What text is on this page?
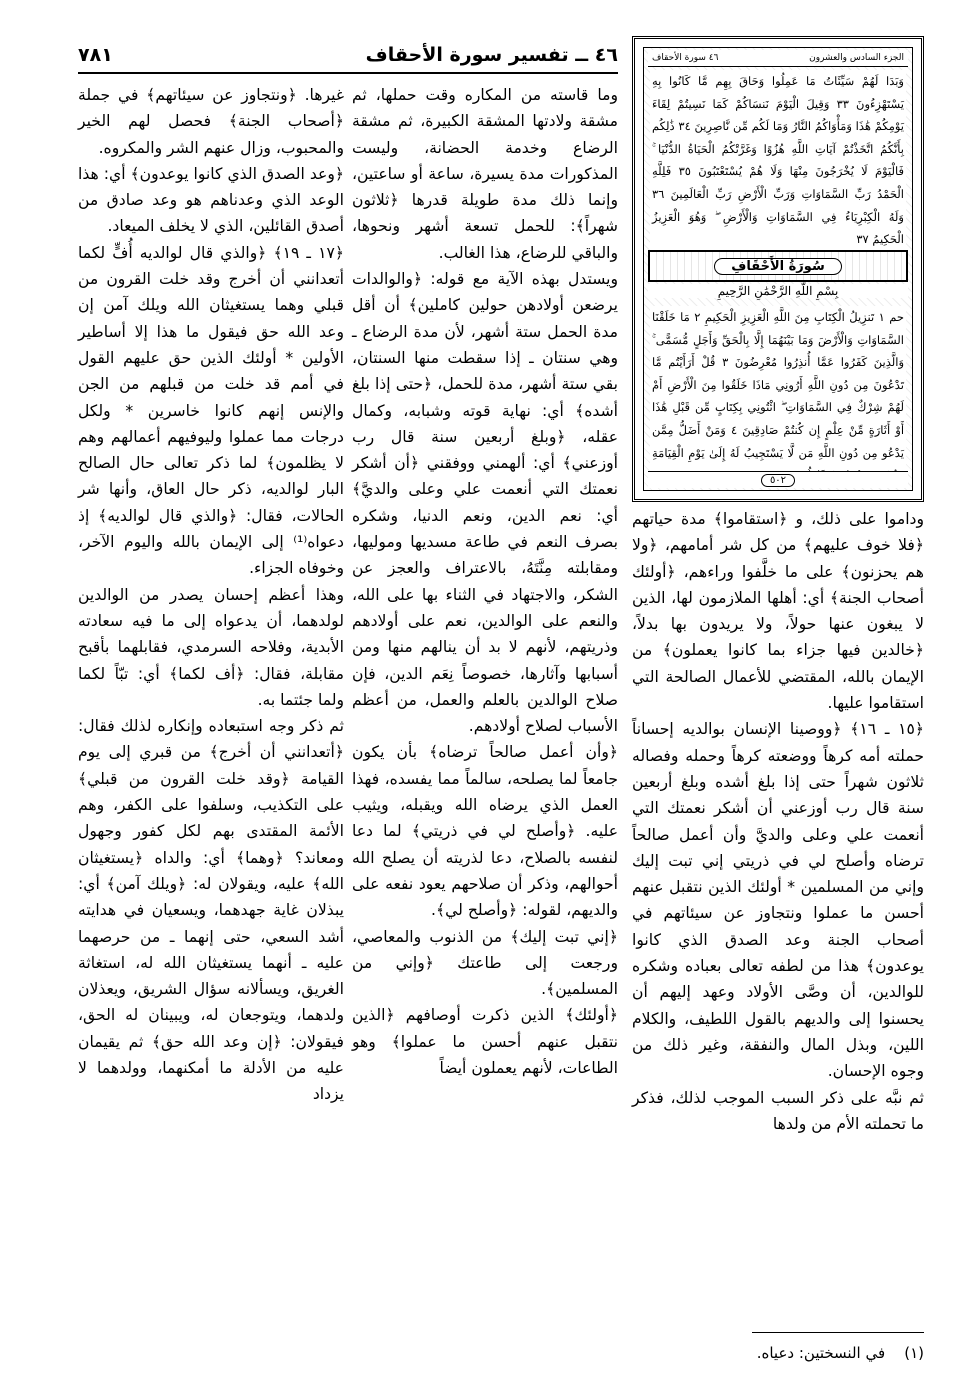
٤٦ ــ تفسير سورة الأحقاف
٧٨١	الجزء السادس والعشرون
٤٦ سورة الأحقاف
وَبَدَا لَهُمْ سَيِّئَاتُ مَا عَمِلُوا وَحَاقَ بِهِم مَّا كَانُوا بِهِ يَسْتَهْزِءُونَ ٣٣ وَقِيلَ الْيَوْمَ نَنسَاكُمْ كَمَا نَسِيتُمْ لِقَاءَ يَوْمِكُمْ هَٰذَا وَمَأْوَاكُمُ النَّارُ وَمَا لَكُم مِّن نَّاصِرِينَ ٣٤ ذَٰلِكُم بِأَنَّكُمُ اتَّخَذْتُمْ آيَاتِ اللَّهِ هُزُوًا وَغَرَّتْكُمُ الْحَيَاةُ الدُّنْيَا ۚ فَالْيَوْمَ لَا يُخْرَجُونَ مِنْهَا وَلَا هُمْ يُسْتَعْتَبُونَ ٣٥ فَلِلَّهِ الْحَمْدُ رَبِّ السَّمَاوَاتِ وَرَبِّ الْأَرْضِ رَبِّ الْعَالَمِينَ ٣٦ وَلَهُ الْكِبْرِيَاءُ فِي السَّمَاوَاتِ وَالْأَرْضِ ۖ وَهُوَ الْعَزِيزُ الْحَكِيمُ ٣٧
سُورَةُ الأَحْقَافِ
بِسْمِ اللَّهِ الرَّحْمَٰنِ الرَّحِيمِ
حم ١ تَنزِيلُ الْكِتَابِ مِنَ اللَّهِ الْعَزِيزِ الْحَكِيمِ ٢ مَا خَلَقْنَا السَّمَاوَاتِ وَالْأَرْضَ وَمَا بَيْنَهُمَا إِلَّا بِالْحَقِّ وَأَجَلٍ مُّسَمًّى ۚ وَالَّذِينَ كَفَرُوا عَمَّا أُنذِرُوا مُعْرِضُونَ ٣ قُلْ أَرَأَيْتُم مَّا تَدْعُونَ مِن دُونِ اللَّهِ أَرُونِي مَاذَا خَلَقُوا مِنَ الْأَرْضِ أَمْ لَهُمْ شِرْكٌ فِي السَّمَاوَاتِ ۖ ائْتُونِي بِكِتَابٍ مِّن قَبْلِ هَٰذَا أَوْ أَثَارَةٍ مِّنْ عِلْمٍ إِن كُنتُمْ صَادِقِينَ ٤ وَمَنْ أَضَلُّ مِمَّن يَدْعُو مِن دُونِ اللَّهِ مَن لَّا يَسْتَجِيبُ لَهُ إِلَىٰ يَوْمِ الْقِيَامَةِ
٥٠٢

وداموا على ذلك، و ﴿استقاموا﴾ مدة حياتهم ﴿فلا خوف عليهم﴾ من كل شر أمامهم، ﴿ولا هم يحزنون﴾ على ما خلَّفوا وراءهم، ﴿أولئك أصحاب الجنة﴾ أي: أهلها الملازمون لها، الذين لا يبغون عنها حولاً، ولا يريدون بها بدلاً، ﴿خالدين فيها جزاء بما كانوا يعملون﴾ من الإيمان بالله، المقتضي للأعمال الصالحة التي استقاموا عليها.

﴿١٥ ـ ١٦﴾ ﴿ووصينا الإنسان بوالديه إحساناً حملته أمه كرهاً ووضعته كرهاً وحمله وفصاله ثلاثون شهراً حتى إذا بلغ أشده وبلغ أربعين سنة قال رب أوزعني أن أشكر نعمتك التي أنعمت علي وعلى والديَّ وأن أعمل صالحاً ترضاه وأصلح لي في ذريتي إني تبت إليك وإني من المسلمين * أولئك الذين نتقبل عنهم أحسن ما عملوا ونتجاوز عن سيئاتهم في أصحاب الجنة وعد الصدق الذي كانوا يوعدون﴾ هذا من لطفه تعالى بعباده وشكره للوالدين، أن وصَّى الأولاد وعهد إليهم أن يحسنوا إلى والديهم بالقول اللطيف، والكلام اللين، وبذل المال والنفقة، وغير ذلك من وجوه الإحسان.

ثم نبَّه على ذكر السبب الموجب لذلك، فذكر ما تحملته الأم من ولدها

وما قاسته من المكاره وقت حملها، ثم مشقة ولادتها المشقة الكبيرة، ثم مشقة الرضاع وخدمة الحضانة، وليست المذكورات مدة يسيرة، ساعة أو ساعتين، وإنما ذلك مدة طويلة قدرها ﴿ثلاثون شهراً﴾: للحمل تسعة أشهر ونحوها، والباقي للرضاع، هذا الغالب.

ويستدل بهذه الآية مع قوله: ﴿والوالدات يرضعن أولادهن حولين كاملين﴾ أن أقل مدة الحمل ستة أشهر، لأن مدة الرضاع ـ وهي سنتان ـ إذا سقطت منها السنتان، بقي ستة أشهر، مدة للحمل، ﴿حتى إذا بلغ أشده﴾ أي: نهاية قوته وشبابه، وكمال عقله، ﴿وبلغ أربعين سنة قال رب أوزعني﴾ أي: ألهمني ووفقني ﴿أن أشكر نعمتك التي أنعمت علي وعلى والديَّ﴾ أي: نعم الدين، ونعم الدنيا، وشكره بصرف النعم في طاعة مسديها وموليها، ومقابلته مِنَّتَهُ، بالاعتراف والعجز عن الشكر، والاجتهاد في الثناء بها على الله، والنعم على الوالدين، نعم على أولادهم وذريتهم، لأنهم لا بد أن ينالهم منها ومن أسبابها وآثارها، خصوصاً نِعَم الدين، فإن صلاح الوالدين بالعلم والعمل، من أعظم الأسباب لصلاح أولادهم.

﴿وأن أعمل صالحاً ترضاه﴾ بأن يكون جامعاً لما يصلحه، سالماً مما يفسده، فهذا العمل الذي يرضاه الله ويقبله، ويثيب عليه. ﴿وأصلح لي في ذريتي﴾ لما دعا لنفسه بالصلاح، دعا لذريته أن يصلح الله أحوالهم، وذكر أن صلاحهم يعود نفعه على والديهم، لقوله: ﴿وأصلح لي﴾.

﴿إني تبت إليك﴾ من الذنوب والمعاصي، ورجعت إلى طاعتك ﴿وإني من المسلمين﴾.

﴿أولئك﴾ الذين ذكرت أوصافهم ﴿الذين نتقبل عنهم أحسن ما عملوا﴾ وهو الطاعات، لأنهم يعملون أيضاً

غيرها. ﴿ونتجاوز عن سيئاتهم﴾ في جملة ﴿أصحاب الجنة﴾ فحصل لهم الخير والمحبوب، وزال عنهم الشر والمكروه.

﴿وعد الصدق الذي كانوا يوعدون﴾ أي: هذا الوعد الذي وعدناهم هو وعد صادق من أصدق القائلين، الذي لا يخلف الميعاد.

﴿١٧ ـ ١٩﴾ ﴿والذي قال لوالديه أُفٍّ لكما أتعدانني أن أخرج وقد خلت القرون من قبلي وهما يستغيثان الله ويلك آمن إن وعد الله حق فيقول ما هذا إلا أساطير الأولين * أولئك الذين حق عليهم القول في أمم قد خلت من قبلهم من الجن والإنس إنهم كانوا خاسرين * ولكل درجات مما عملوا وليوفيهم أعمالهم وهم لا يظلمون﴾ لما ذكر تعالى حال الصالح البار لوالديه، ذكر حال العاق، وأنها شر الحالات، فقال: ﴿والذي قال لوالديه﴾ إذ دعواه⁽¹⁾ إلى الإيمان بالله واليوم الآخر، وخوفاه الجزاء.

وهذا أعظم إحسان يصدر من الوالدين لولدهما، أن يدعواه إلى ما فيه سعادته الأبدية، وفلاحه السرمدي، فقابلهما بأقبح مقابلة، فقال: ﴿أف لكما﴾ أي: تبّاً لكما ولما جئتما به.

ثم ذكر وجه استبعاده وإنكاره لذلك فقال: ﴿أتعدانني أن أخرج﴾ من قبري إلى يوم القيامة ﴿وقد خلت القرون من قبلي﴾ على التكذيب، وسلفوا على الكفر، وهم الأئمة المقتدى بهم لكل كفور وجهول ومعاند؟ ﴿وهما﴾ أي: والداه ﴿يستغيثان الله﴾ عليه، ويقولان له: ﴿ويلك آمن﴾ أي: يبذلان غاية جهدهما، ويسعيان في هدايته أشد السعي، حتى إنهما ـ من حرصهما عليه ـ أنهما يستغيثان الله له، استغاثة الغريق، ويسألانه سؤال الشريق، ويعذلان ولدهما، ويتوجعان له، ويبينان له الحق، فيقولان: ﴿إن وعد الله حق﴾ ثم يقيمان عليه من الأدلة ما أمكنهما، وولدهما لا يزداد

(١)    في النسختين: دعياه.
